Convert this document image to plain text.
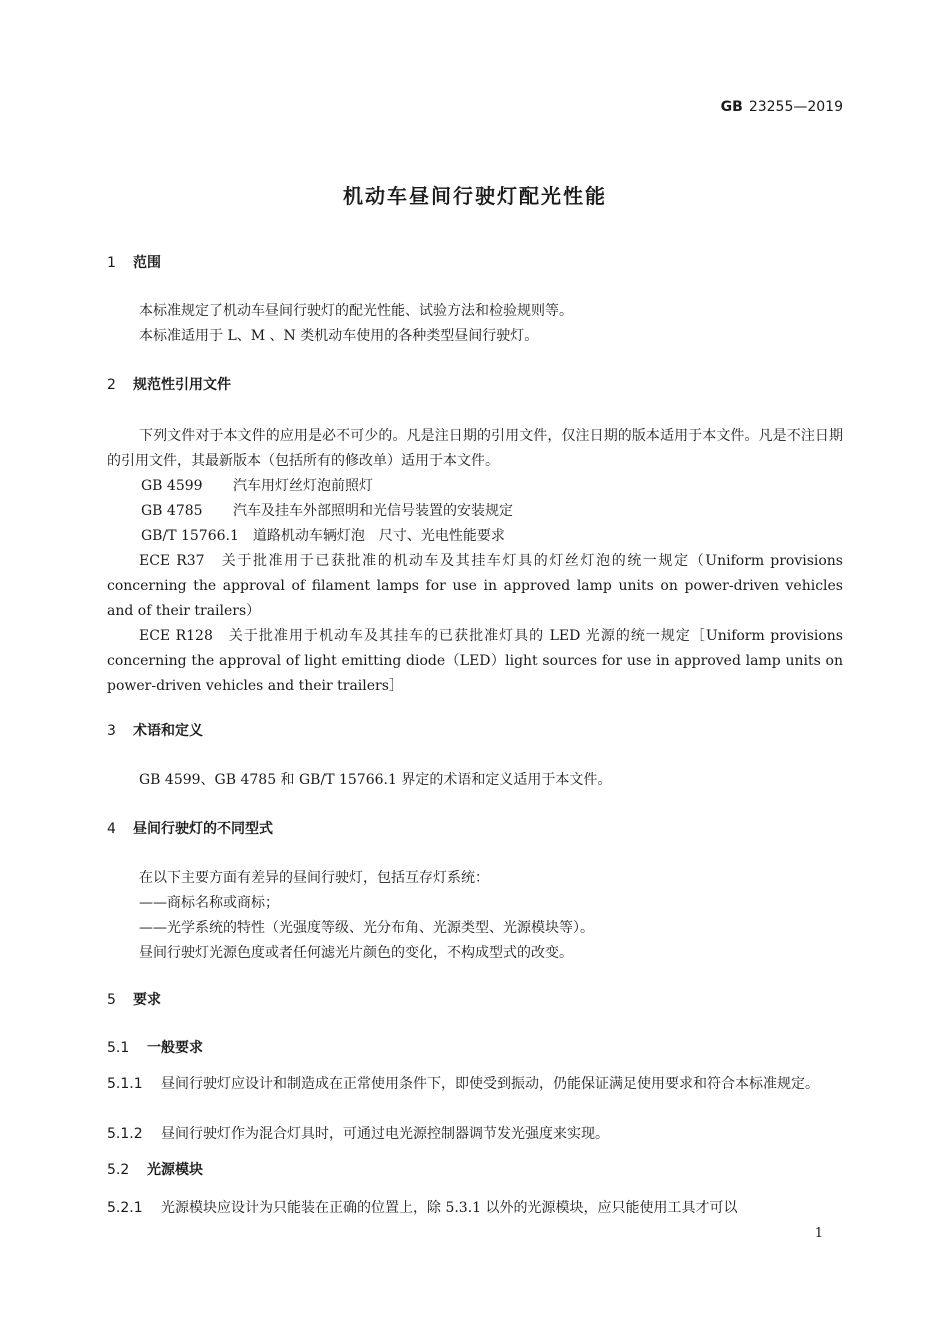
GB 23255—2019
机动车昼间行驶灯配光性能
1 范围

本标准规定了机动车昼间行驶灯的配光性能、试验方法和检验规则等。

本标准适用于 L、M 、N 类机动车使用的各种类型昼间行驶灯。

2 规范性引用文件

下列文件对于本文件的应用是必不可少的。凡是注日期的引用文件，仅注日期的版本适用于本文件。凡是不注日期的引用文件，其最新版本（包括所有的修改单）适用于本文件。

GB 4599　 汽车用灯丝灯泡前照灯
GB 4785　 汽车及挂车外部照明和光信号装置的安装规定
GB/T 15766.1　 道路机动车辆灯泡　尺寸、光电性能要求

ECE R37　关于批准用于已获批准的机动车及其挂车灯具的灯丝灯泡的统一规定（Uniform provisions concerning the approval of filament lamps for use in approved lamp units on power-driven vehicles and of their trailers）

ECE R128　关于批准用于机动车及其挂车的已获批准灯具的 LED 光源的统一规定［Uniform provisions concerning the approval of light emitting diode（LED）light sources for use in approved lamp units on power-driven vehicles and their trailers］

3 术语和定义

GB 4599、GB 4785 和 GB/T 15766.1 界定的术语和定义适用于本文件。

4 昼间行驶灯的不同型式

在以下主要方面有差异的昼间行驶灯，包括互存灯系统：

——商标名称或商标；

——光学系统的特性（光强度等级、光分布角、光源类型、光源模块等）。

昼间行驶灯光源色度或者任何滤光片颜色的变化，不构成型式的改变。

5 要求
5.1 一般要求

5.1.1 昼间行驶灯应设计和制造成在正常使用条件下，即使受到振动，仍能保证满足使用要求和符合本标准规定。

5.1.2 昼间行驶灯作为混合灯具时，可通过电光源控制器调节发光强度来实现。

5.2 光源模块

5.2.1 光源模块应设计为只能装在正确的位置上，除 5.3.1 以外的光源模块，应只能使用工具才可以

1
